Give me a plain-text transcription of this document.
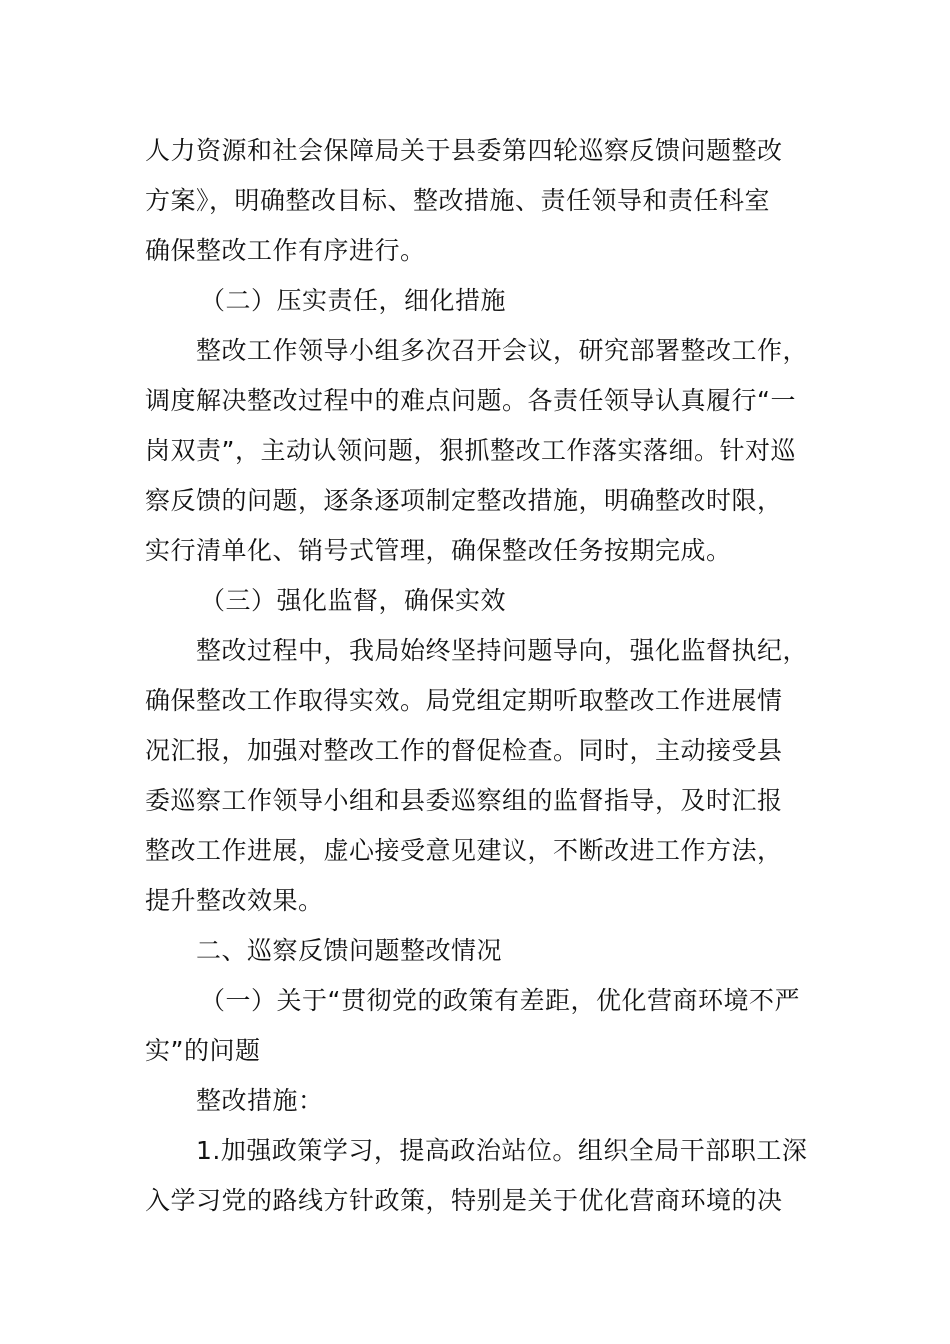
人力资源和社会保障局关于县委第四轮巡察反馈问题整改
方案》，明确整改目标、整改措施、责任领导和责任科室
确保整改工作有序进行。
（二）压实责任，细化措施
整改工作领导小组多次召开会议，研究部署整改工作，
调度解决整改过程中的难点问题。各责任领导认真履行“一
岗双责”，主动认领问题，狠抓整改工作落实落细。针对巡
察反馈的问题，逐条逐项制定整改措施，明确整改时限，
实行清单化、销号式管理，确保整改任务按期完成。
（三）强化监督，确保实效
整改过程中，我局始终坚持问题导向，强化监督执纪，
确保整改工作取得实效。局党组定期听取整改工作进展情
况汇报，加强对整改工作的督促检查。同时，主动接受县
委巡察工作领导小组和县委巡察组的监督指导，及时汇报
整改工作进展，虚心接受意见建议，不断改进工作方法，
提升整改效果。
二、巡察反馈问题整改情况
（一）关于“贯彻党的政策有差距，优化营商环境不严
实”的问题
整改措施：
1.加强政策学习，提高政治站位。组织全局干部职工深
入学习党的路线方针政策，特别是关于优化营商环境的决
